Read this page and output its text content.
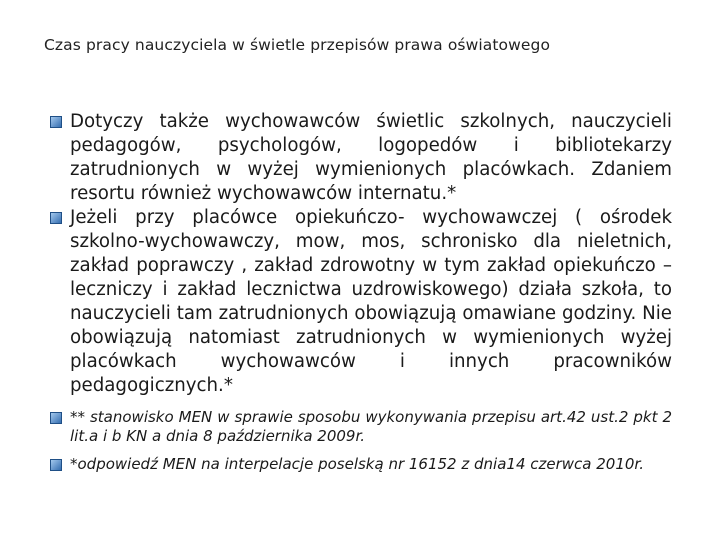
Czas pracy nauczyciela w świetle przepisów prawa oświatowego
Dotyczy także wychowawców świetlic szkolnych, nauczycieli pedagogów, psychologów, logopedów i bibliotekarzy zatrudnionych w wyżej wymienionych placówkach. Zdaniem resortu również wychowawców internatu.*
Jeżeli przy placówce opiekuńczo- wychowawczej ( ośrodek szkolno-wychowawczy, mow, mos, schronisko dla nieletnich, zakład poprawczy , zakład zdrowotny w tym zakład opiekuńczo – leczniczy i zakład lecznictwa uzdrowiskowego) działa szkoła, to nauczycieli tam zatrudnionych obowiązują omawiane godziny. Nie obowiązują natomiast zatrudnionych w wymienionych wyżej placówkach wychowawców i innych pracowników pedagogicznych.*
** stanowisko MEN w sprawie sposobu wykonywania przepisu art.42 ust.2 pkt 2 lit.a i b KN a dnia 8 października 2009r.
*odpowiedź MEN na interpelacje poselską nr 16152 z dnia14 czerwca 2010r.
